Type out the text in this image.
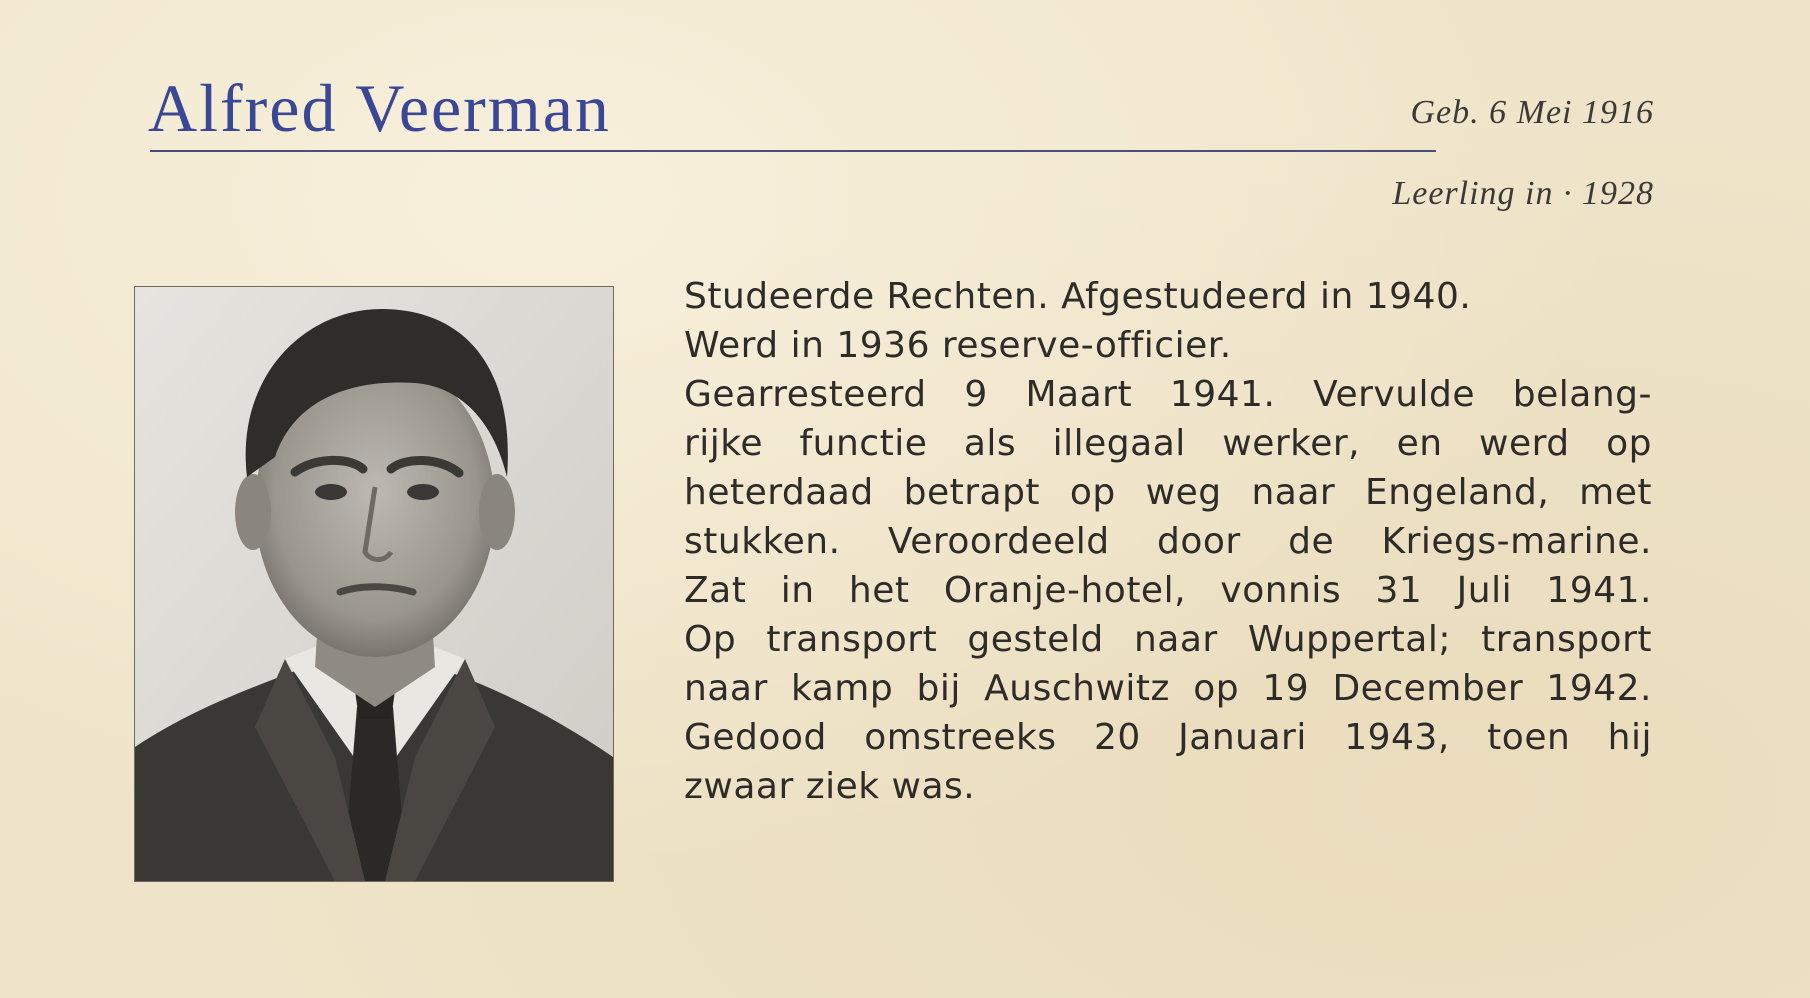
Alfred Veerman	Geb. 6 Mei 1916
Leerling in · 1928
Studeerde Rechten. Afgestudeerd in 1940.
Werd in 1936 reserve-officier.
Gearresteerd 9 Maart 1941. Vervulde belang-
rijke functie als illegaal werker, en werd op
heterdaad betrapt op weg naar Engeland, met
stukken. Veroordeeld door de Kriegs-marine.
Zat in het Oranje-hotel, vonnis 31 Juli 1941.
Op transport gesteld naar Wuppertal; transport
naar kamp bij Auschwitz op 19 December 1942.
Gedood omstreeks 20 Januari 1943, toen hij
zwaar ziek was.
